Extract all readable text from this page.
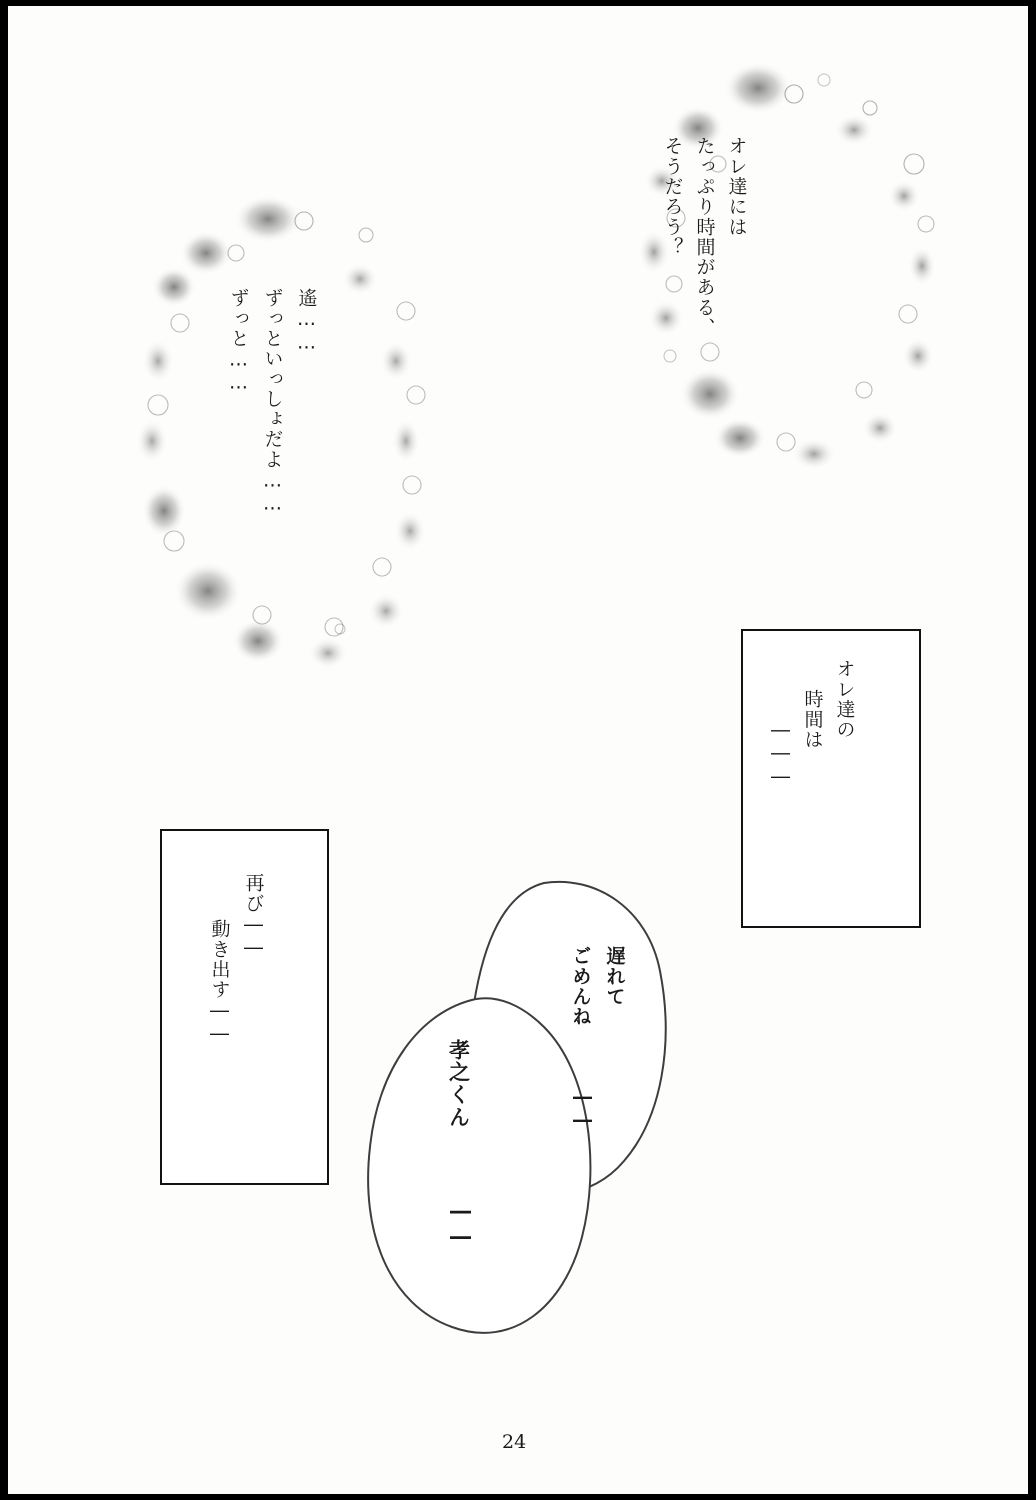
オレ達には
たっぷり時間がある、
そうだろう？
遙……
ずっといっしょだよ……
ずっと……
オレ達の
時間は
―――
再び――
動き出す――	遅れて
ごめんね
――
孝之くん
――
24
